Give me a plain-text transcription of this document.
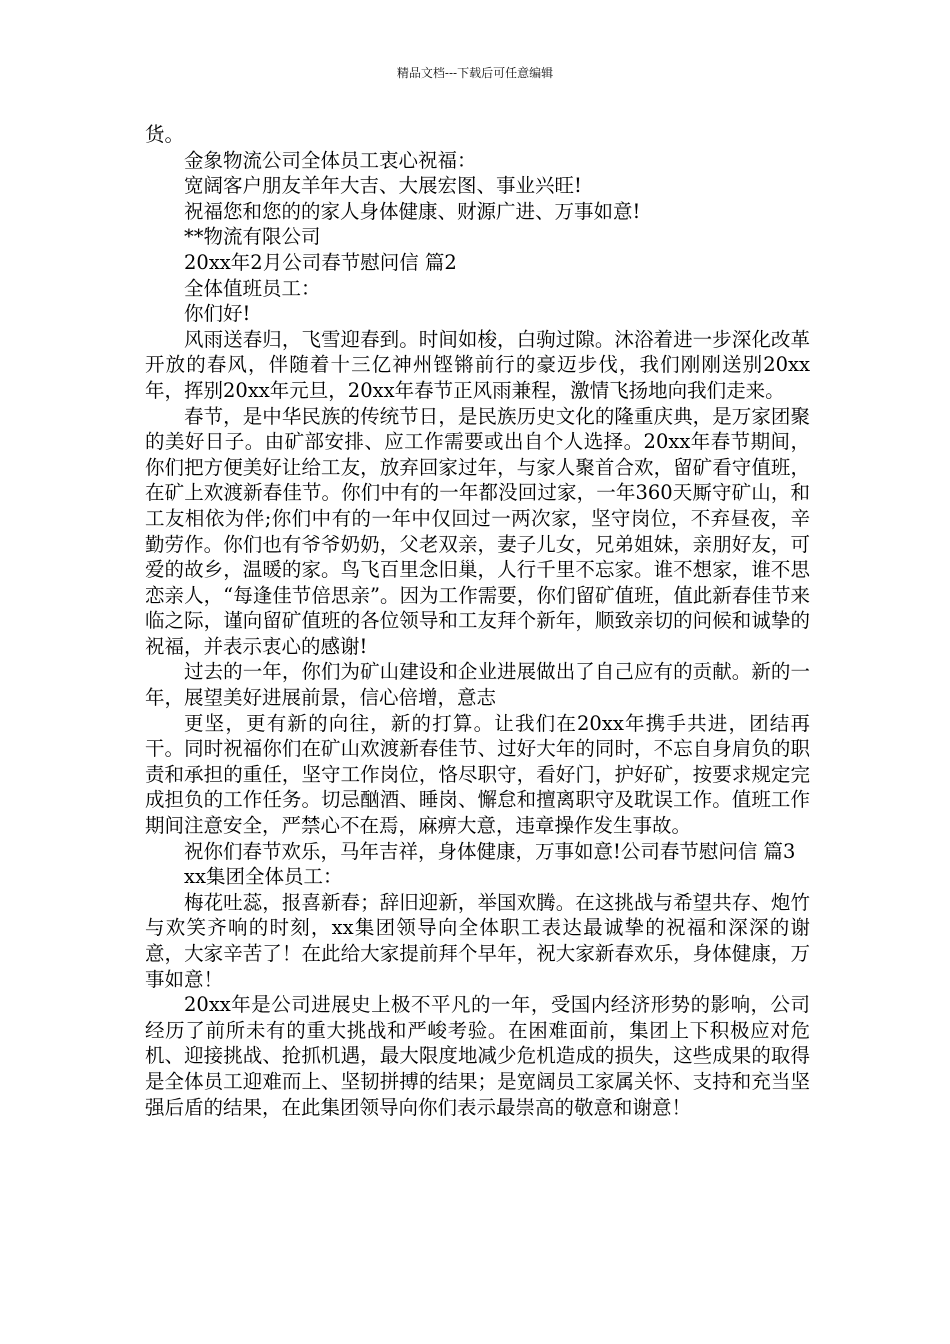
精品文档---下载后可任意编辑

货。

金象物流公司全体员工衷心祝福：

宽阔客户朋友羊年大吉、大展宏图、事业兴旺!

祝福您和您的的家人身体健康、财源广进、万事如意!

**物流有限公司

20xx年2月公司春节慰问信 篇2

全体值班员工：

你们好!

风雨送春归，飞雪迎春到。时间如梭，白驹过隙。沐浴着进一步深化改革开放的春风，伴随着十三亿神州铿锵前行的豪迈步伐，我们刚刚送别20xx年，挥别20xx年元旦，20xx年春节正风雨兼程，激情飞扬地向我们走来。

春节，是中华民族的传统节日，是民族历史文化的隆重庆典，是万家团聚的美好日子。由矿部安排、应工作需要或出自个人选择。20xx年春节期间，你们把方便美好让给工友，放弃回家过年，与家人聚首合欢，留矿看守值班，在矿上欢渡新春佳节。你们中有的一年都没回过家，一年360天厮守矿山，和工友相依为伴;你们中有的一年中仅回过一两次家，坚守岗位，不弃昼夜，辛勤劳作。你们也有爷爷奶奶，父老双亲，妻子儿女，兄弟姐妹，亲朋好友，可爱的故乡，温暖的家。鸟飞百里念旧巢，人行千里不忘家。谁不想家，谁不思恋亲人，“每逢佳节倍思亲”。因为工作需要，你们留矿值班，值此新春佳节来临之际，谨向留矿值班的各位领导和工友拜个新年，顺致亲切的问候和诚挚的祝福，并表示衷心的感谢!

过去的一年，你们为矿山建设和企业进展做出了自己应有的贡献。新的一年，展望美好进展前景，信心倍增，意志

更坚，更有新的向往，新的打算。让我们在20xx年携手共进，团结再干。同时祝福你们在矿山欢渡新春佳节、过好大年的同时，不忘自身肩负的职责和承担的重任，坚守工作岗位，恪尽职守，看好门，护好矿，按要求规定完成担负的工作任务。切忌酗酒、睡岗、懈怠和擅离职守及耽误工作。值班工作期间注意安全，严禁心不在焉，麻痹大意，违章操作发生事故。

祝你们春节欢乐，马年吉祥，身体健康，万事如意!公司春节慰问信 篇3

xx集团全体员工：

梅花吐蕊，报喜新春；辞旧迎新，举国欢腾。在这挑战与希望共存、炮竹与欢笑齐响的时刻，xx集团领导向全体职工表达最诚挚的祝福和深深的谢意，大家辛苦了！在此给大家提前拜个早年，祝大家新春欢乐，身体健康，万事如意！

20xx年是公司进展史上极不平凡的一年，受国内经济形势的影响，公司经历了前所未有的重大挑战和严峻考验。在困难面前，集团上下积极应对危机、迎接挑战、抢抓机遇，最大限度地减少危机造成的损失，这些成果的取得是全体员工迎难而上、坚韧拼搏的结果；是宽阔员工家属关怀、支持和充当坚强后盾的结果，在此集团领导向你们表示最崇高的敬意和谢意！
